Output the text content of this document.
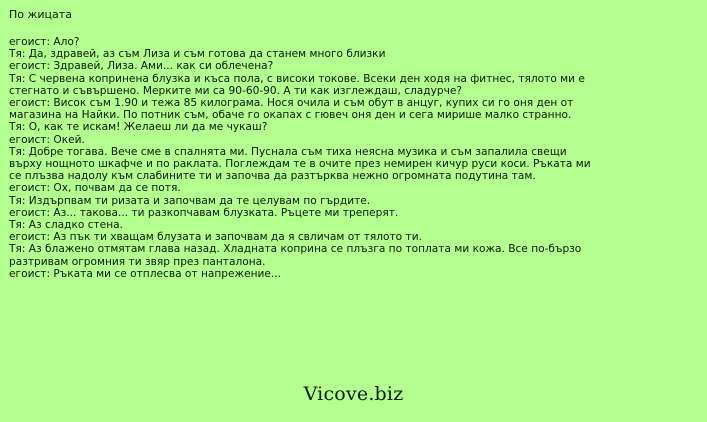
По жицата
егоист: Ало?
Тя: Да, здравей, аз съм Лиза и съм готова да станем много близки
егоист: Здравей, Лиза. Ами... как си облечена?
Тя: С червена копринена блузка и къса пола, с високи токове. Всеки ден ходя на фитнес, тялото ми е стегнато и съвършено. Мерките ми са 90-60-90. А ти как изглеждаш, сладурче?
егоист: Висок съм 1.90 и тежа 85 килограма. Нося очила и съм обут в анцуг, купих си го оня ден от магазина на Найки. По потник съм, обаче го окапах с гювеч оня ден и сега мирише малко странно.
Тя: О, как те искам! Желаеш ли да ме чукаш?
егоист: Окей.
Тя: Добре тогава. Вече сме в спалнята ми. Пуснала съм тиха неясна музика и съм запалила свещи върху нощното шкафче и по раклата. Поглеждам те в очите през немирен кичур руси коси. Ръката ми се плъзва надолу към слабините ти и започва да разтърква нежно огромната подутина там.
егоист: Ох, почвам да се потя.
Тя: Издърпвам ти ризата и започвам да те целувам по гърдите.
егоист: Аз... такова... ти разкопчавам блузката. Ръцете ми треперят.
Тя: Аз сладко стена.
егоист: Аз пък ти хващам блузата и започвам да я свличам от тялото ти.
Тя: Аз блажено отмятам глава назад. Хладната коприна се плъзга по топлата ми кожа. Все по-бързо разтривам огромния ти звяр през панталона.
егоист: Ръката ми се отплесва от напрежение...
Vicove.biz
